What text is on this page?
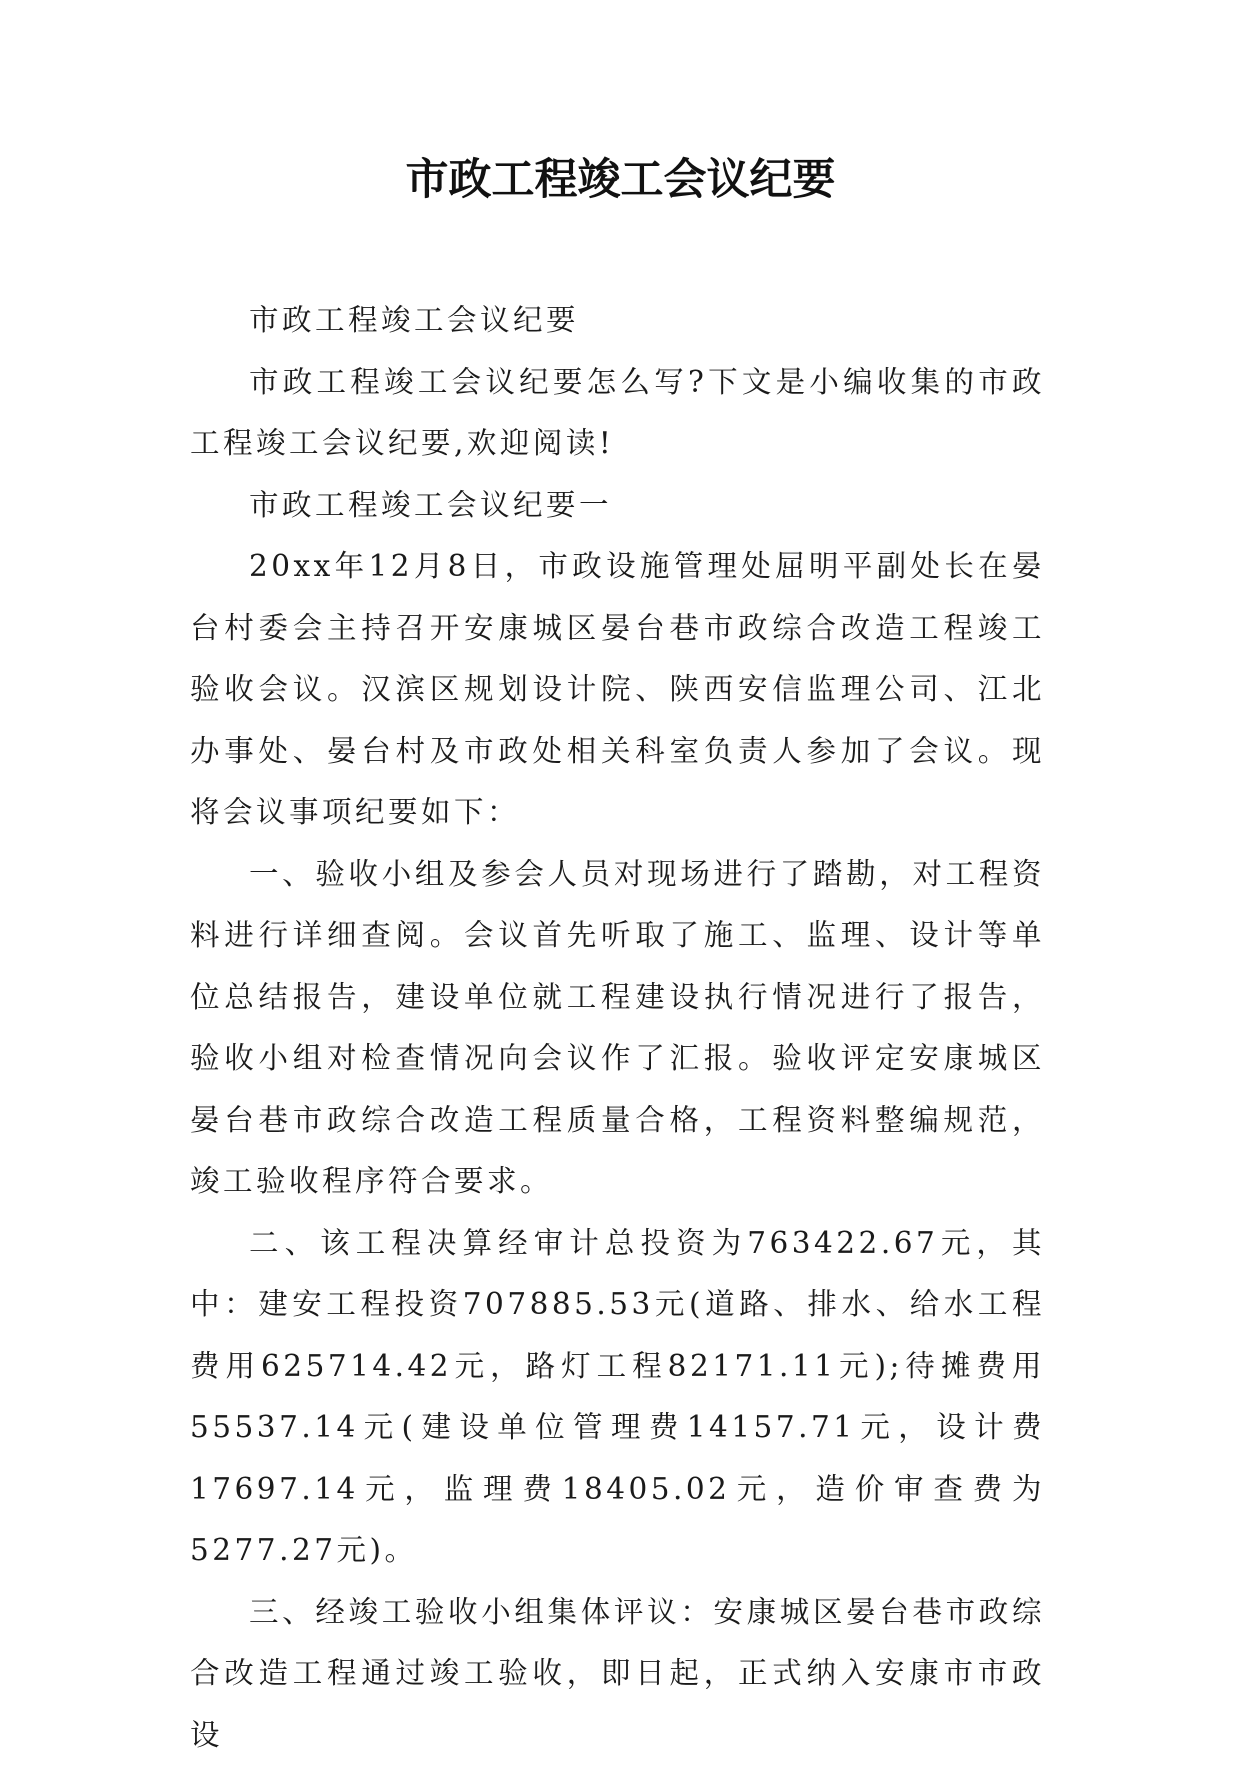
市政工程竣工会议纪要

市政工程竣工会议纪要

市政工程竣工会议纪要怎么写?下文是小编收集的市政工程竣工会议纪要,欢迎阅读!

市政工程竣工会议纪要一

20xx年12月8日，市政设施管理处屈明平副处长在晏台村委会主持召开安康城区晏台巷市政综合改造工程竣工验收会议。汉滨区规划设计院、陕西安信监理公司、江北办事处、晏台村及市政处相关科室负责人参加了会议。现将会议事项纪要如下：

一、验收小组及参会人员对现场进行了踏勘，对工程资料进行详细查阅。会议首先听取了施工、监理、设计等单位总结报告，建设单位就工程建设执行情况进行了报告，验收小组对检查情况向会议作了汇报。验收评定安康城区晏台巷市政综合改造工程质量合格，工程资料整编规范，竣工验收程序符合要求。

二、该工程决算经审计总投资为763422.67元，其中：建安工程投资707885.53元(道路、排水、给水工程费用625714.42元，路灯工程82171.11元);待摊费用55537.14元(建设单位管理费14157.71元，设计费17697.14元，监理费18405.02元，造价审查费为5277.27元)。

三、经竣工验收小组集体评议：安康城区晏台巷市政综合改造工程通过竣工验收，即日起，正式纳入安康市市政设
